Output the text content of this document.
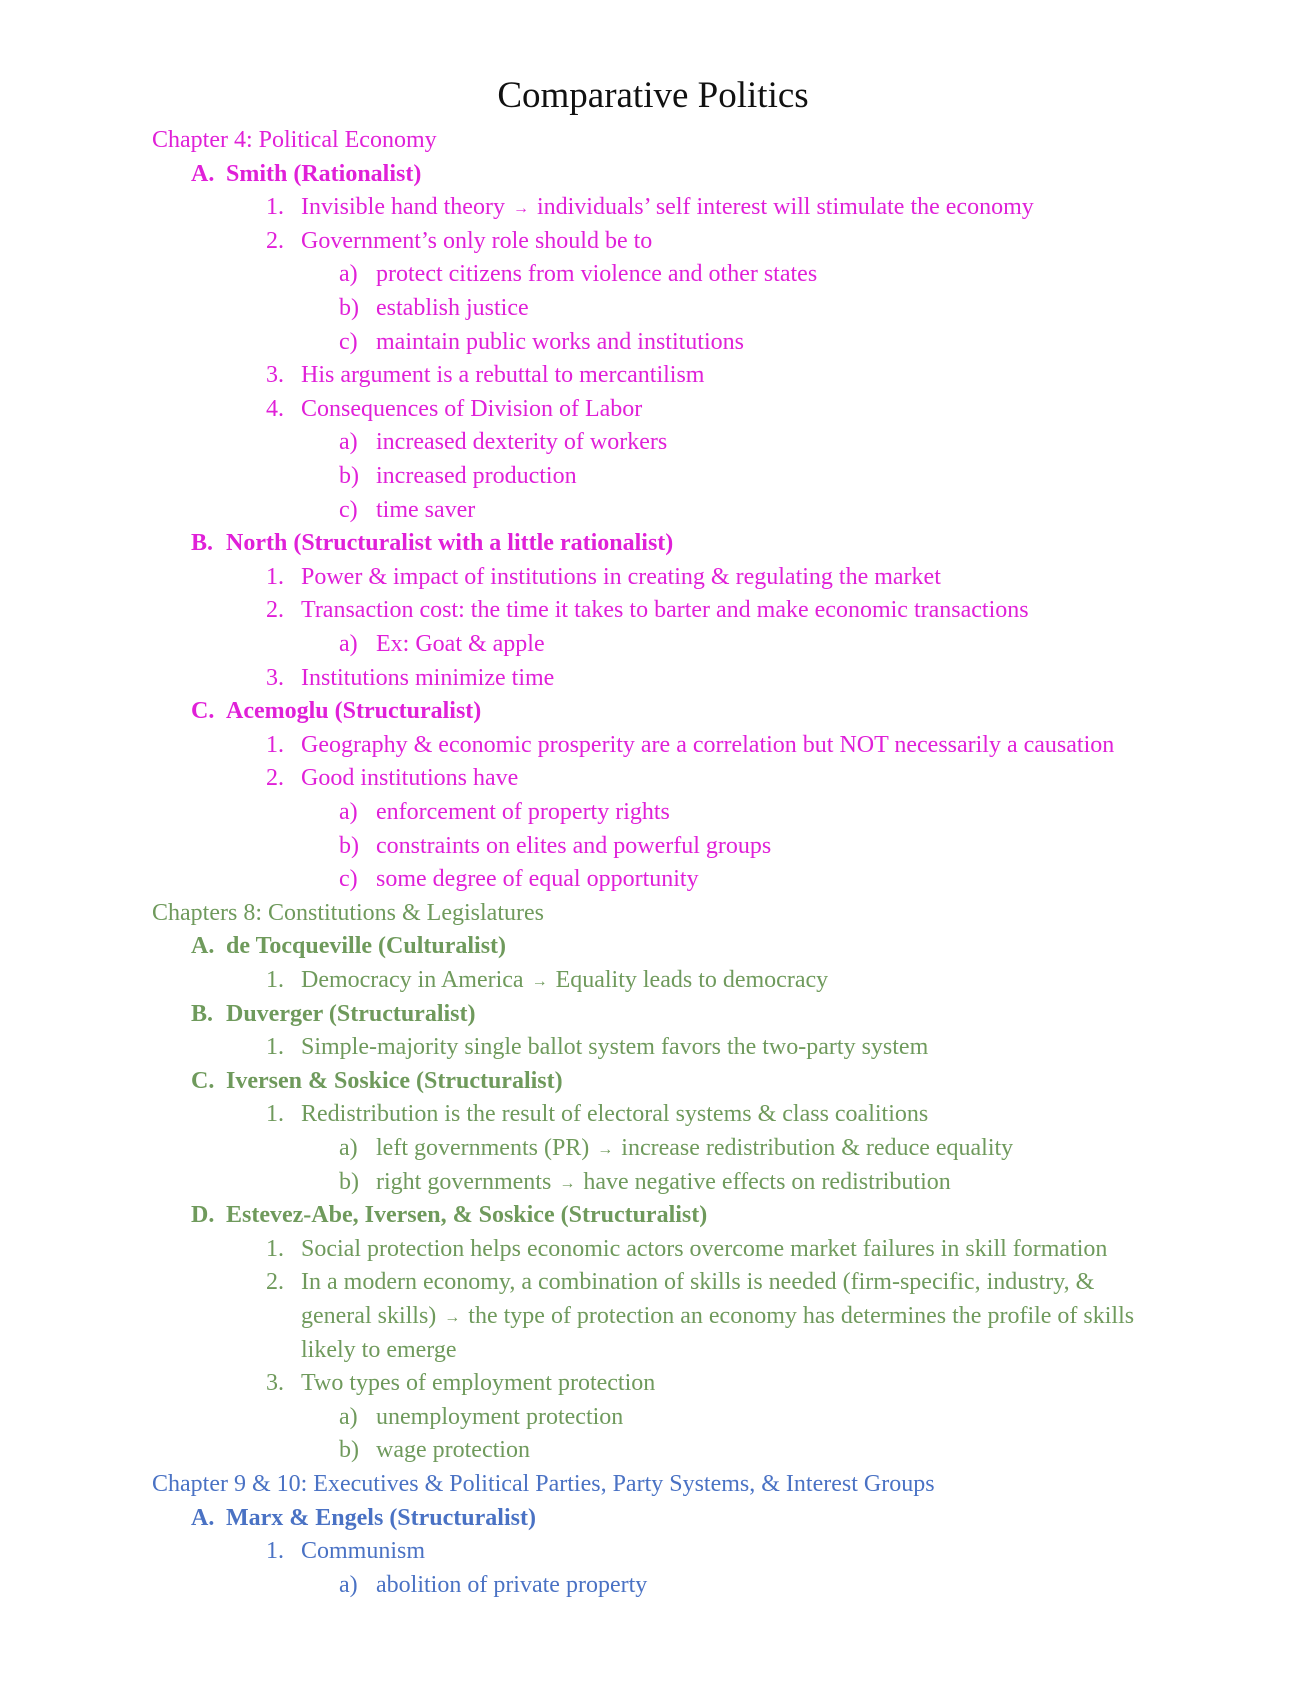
Comparative Politics
Chapter 4: Political Economy
A. Smith (Rationalist)
1. Invisible hand theory → individuals’ self interest will stimulate the economy
2. Government’s only role should be to
a) protect citizens from violence and other states
b) establish justice
c) maintain public works and institutions
3. His argument is a rebuttal to mercantilism
4. Consequences of Division of Labor
a) increased dexterity of workers
b) increased production
c) time saver
B. North (Structuralist with a little rationalist)
1. Power & impact of institutions in creating & regulating the market
2. Transaction cost: the time it takes to barter and make economic transactions
a) Ex: Goat & apple
3. Institutions minimize time
C. Acemoglu (Structuralist)
1. Geography & economic prosperity are a correlation but NOT necessarily a causation
2. Good institutions have
a) enforcement of property rights
b) constraints on elites and powerful groups
c) some degree of equal opportunity
Chapters 8: Constitutions & Legislatures
A. de Tocqueville (Culturalist)
1. Democracy in America → Equality leads to democracy
B. Duverger (Structuralist)
1. Simple-majority single ballot system favors the two-party system
C. Iversen & Soskice (Structuralist)
1. Redistribution is the result of electoral systems & class coalitions
a) left governments (PR) → increase redistribution & reduce equality
b) right governments → have negative effects on redistribution
D. Estevez-Abe, Iversen, & Soskice (Structuralist)
1. Social protection helps economic actors overcome market failures in skill formation
2. In a modern economy, a combination of skills is needed (firm-specific, industry, &
general skills) → the type of protection an economy has determines the profile of skills
likely to emerge
3. Two types of employment protection
a) unemployment protection
b) wage protection
Chapter 9 & 10: Executives & Political Parties, Party Systems, & Interest Groups
A. Marx & Engels (Structuralist)
1. Communism
a) abolition of private property
